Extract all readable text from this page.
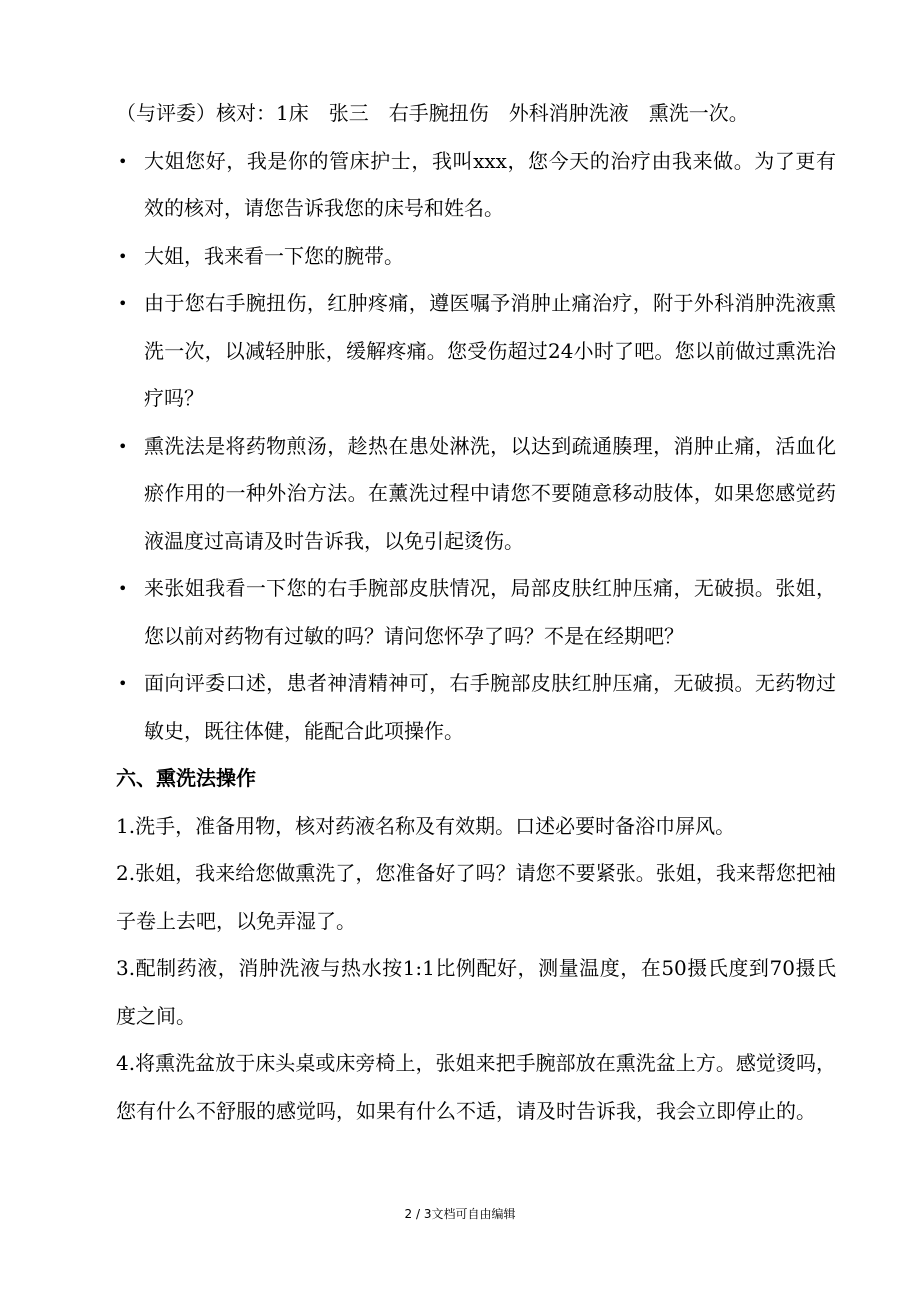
（与评委）核对：1床　张三　右手腕扭伤　外科消肿洗液　熏洗一次。

• 大姐您好，我是你的管床护士，我叫xxx，您今天的治疗由我来做。为了更有效的核对，请您告诉我您的床号和姓名。
• 大姐，我来看一下您的腕带。
• 由于您右手腕扭伤，红肿疼痛，遵医嘱予消肿止痛治疗，附于外科消肿洗液熏洗一次，以减轻肿胀，缓解疼痛。您受伤超过24小时了吧。您以前做过熏洗治疗吗？
• 熏洗法是将药物煎汤，趁热在患处淋洗，以达到疏通腠理，消肿止痛，活血化瘀作用的一种外治方法。在薰洗过程中请您不要随意移动肢体，如果您感觉药液温度过高请及时告诉我，以免引起烫伤。
• 来张姐我看一下您的右手腕部皮肤情况，局部皮肤红肿压痛，无破损。张姐，您以前对药物有过敏的吗？请问您怀孕了吗？不是在经期吧？
• 面向评委口述，患者神清精神可，右手腕部皮肤红肿压痛，无破损。无药物过敏史，既往体健，能配合此项操作。
六、熏洗法操作

1.洗手，准备用物，核对药液名称及有效期。口述必要时备浴巾屏风。

2.张姐，我来给您做熏洗了，您准备好了吗？请您不要紧张。张姐，我来帮您把袖子卷上去吧，以免弄湿了。

3.配制药液，消肿洗液与热水按1:1比例配好，测量温度，在50摄氏度到70摄氏度之间。

4.将熏洗盆放于床头桌或床旁椅上，张姐来把手腕部放在熏洗盆上方。感觉烫吗，您有什么不舒服的感觉吗，如果有什么不适，请及时告诉我，我会立即停止的。

2 / 3文档可自由编辑
